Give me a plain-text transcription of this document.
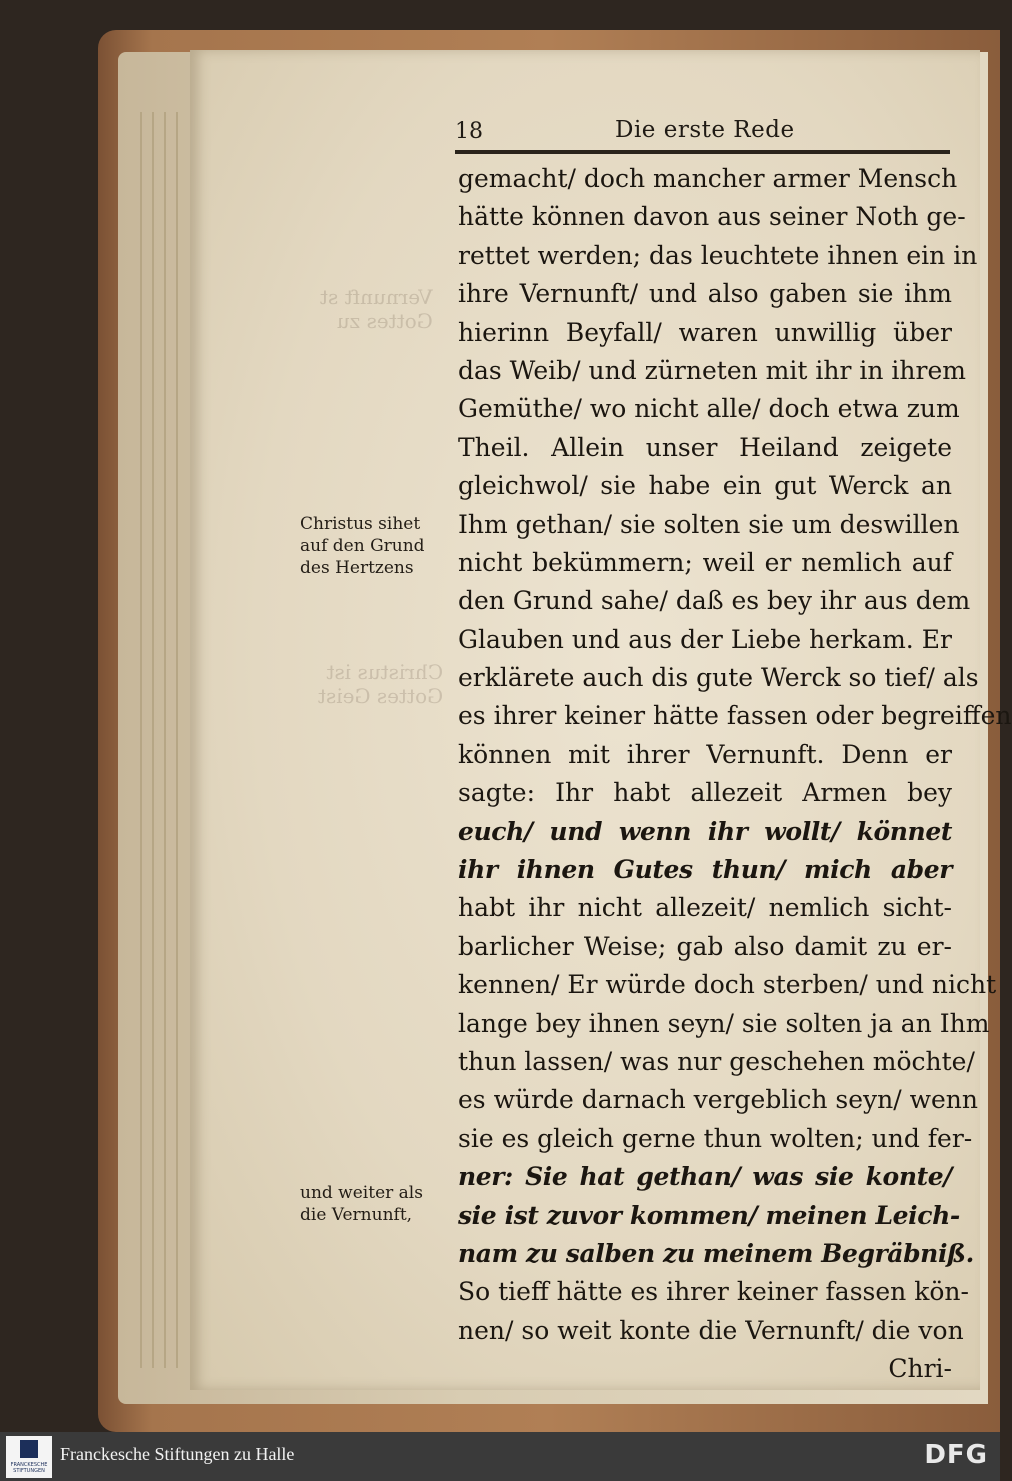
Vernunft st
Gottes zu
Christus ist
Gottes Geist
18	Die erste Rede
gemacht/ doch mancher armer Mensch
hätte können davon aus seiner Noth ge-
rettet werden; das leuchtete ihnen ein in
ihre Vernunft/ und also gaben sie ihm
hierinn Beyfall/ waren unwillig über
das Weib/ und zürneten mit ihr in ihrem
Gemüthe/ wo nicht alle/ doch etwa zum
Theil. Allein unser Heiland zeigete
gleichwol/ sie habe ein gut Werck an
Ihm gethan/ sie solten sie um deswillen
nicht bekümmern; weil er nemlich auf
den Grund sahe/ daß es bey ihr aus dem
Glauben und aus der Liebe herkam. Er
erklärete auch dis gute Werck so tief/ als
es ihrer keiner hätte fassen oder begreiffen
können mit ihrer Vernunft. Denn er
sagte: Ihr habt allezeit Armen bey
euch/ und wenn ihr wollt/ könnet
ihr ihnen Gutes thun/ mich aber
habt ihr nicht allezeit/ nemlich sicht-
barlicher Weise; gab also damit zu er-
kennen/ Er würde doch sterben/ und nicht
lange bey ihnen seyn/ sie solten ja an Ihm
thun lassen/ was nur geschehen möchte/
es würde darnach vergeblich seyn/ wenn
sie es gleich gerne thun wolten; und fer-
ner: Sie hat gethan/ was sie konte/
sie ist zuvor kommen/ meinen Leich-
nam zu salben zu meinem Begräbniß.
So tieff hätte es ihrer keiner fassen kön-
nen/ so weit konte die Vernunft/ die von
Chri-
Christus sihet
auf den Grund
des Hertzens
und weiter als
die Vernunft,
FRANCKESCHE STIFTUNGEN
Franckesche Stiftungen zu Halle	DFG
